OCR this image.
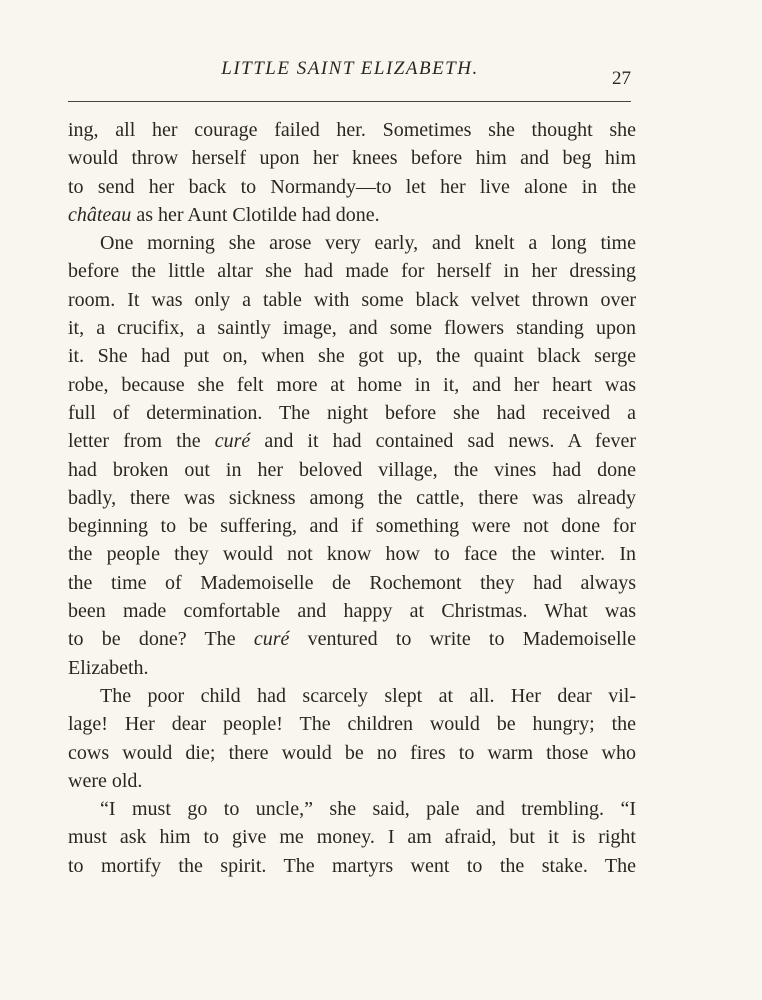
LITTLE SAINT ELIZABETH.	27
ing, all her courage failed her. Sometimes she thought she
would throw herself upon her knees before him and beg him
to send her back to Normandy—to let her live alone in the
château as her Aunt Clotilde had done.
One morning she arose very early, and knelt a long time
before the little altar she had made for herself in her dressing
room. It was only a table with some black velvet thrown over
it, a crucifix, a saintly image, and some flowers standing upon
it. She had put on, when she got up, the quaint black serge
robe, because she felt more at home in it, and her heart was
full of determination. The night before she had received a
letter from the curé and it had contained sad news. A fever
had broken out in her beloved village, the vines had done
badly, there was sickness among the cattle, there was already
beginning to be suffering, and if something were not done for
the people they would not know how to face the winter. In
the time of Mademoiselle de Rochemont they had always
been made comfortable and happy at Christmas. What was
to be done? The curé ventured to write to Mademoiselle
Elizabeth.
The poor child had scarcely slept at all. Her dear vil-
lage! Her dear people! The children would be hungry; the
cows would die; there would be no fires to warm those who
were old.
“I must go to uncle,” she said, pale and trembling. “I
must ask him to give me money. I am afraid, but it is right
to mortify the spirit. The martyrs went to the stake. The
